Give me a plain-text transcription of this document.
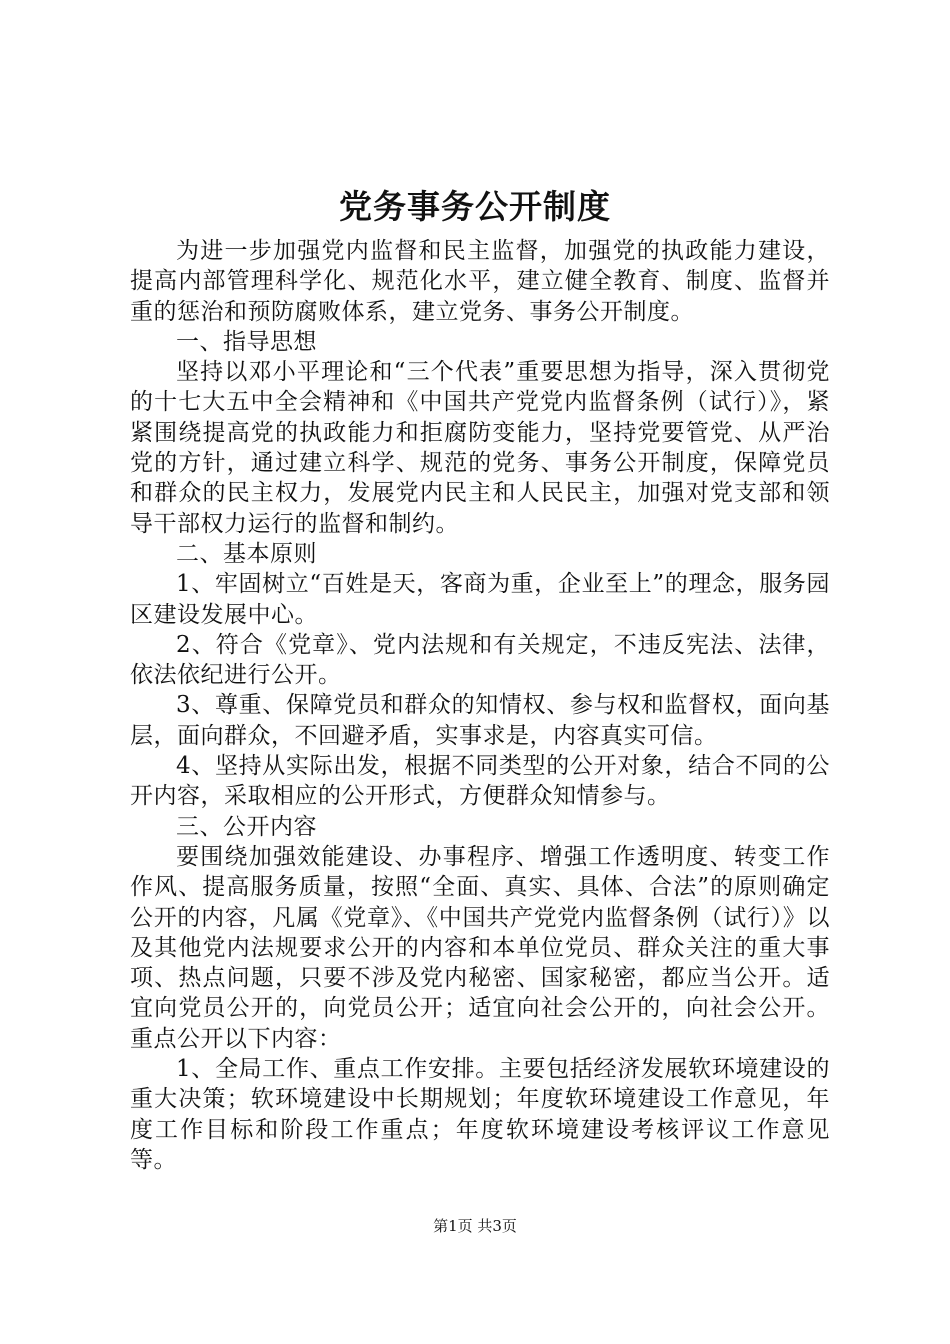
党务事务公开制度

为进一步加强党内监督和民主监督，加强党的执政能力建设，提高内部管理科学化、规范化水平，建立健全教育、制度、监督并重的惩治和预防腐败体系，建立党务、事务公开制度。

一、指导思想

坚持以邓小平理论和“三个代表”重要思想为指导，深入贯彻党的十七大五中全会精神和《中国共产党党内监督条例（试行）》，紧紧围绕提高党的执政能力和拒腐防变能力，坚持党要管党、从严治党的方针，通过建立科学、规范的党务、事务公开制度，保障党员和群众的民主权力，发展党内民主和人民民主，加强对党支部和领导干部权力运行的监督和制约。

二、基本原则

1、牢固树立“百姓是天，客商为重，企业至上”的理念，服务园区建设发展中心。

2、符合《党章》、党内法规和有关规定，不违反宪法、法律，依法依纪进行公开。

3、尊重、保障党员和群众的知情权、参与权和监督权，面向基层，面向群众，不回避矛盾，实事求是，内容真实可信。

4、坚持从实际出发，根据不同类型的公开对象，结合不同的公开内容，采取相应的公开形式，方便群众知情参与。

三、公开内容

要围绕加强效能建设、办事程序、增强工作透明度、转变工作作风、提高服务质量，按照“全面、真实、具体、合法”的原则确定公开的内容，凡属《党章》、《中国共产党党内监督条例（试行）》以及其他党内法规要求公开的内容和本单位党员、群众关注的重大事项、热点问题，只要不涉及党内秘密、国家秘密，都应当公开。适宜向党员公开的，向党员公开；适宜向社会公开的，向社会公开。重点公开以下内容：

1、全局工作、重点工作安排。主要包括经济发展软环境建设的重大决策；软环境建设中长期规划；年度软环境建设工作意见，年度工作目标和阶段工作重点；年度软环境建设考核评议工作意见等。

第1页 共3页
